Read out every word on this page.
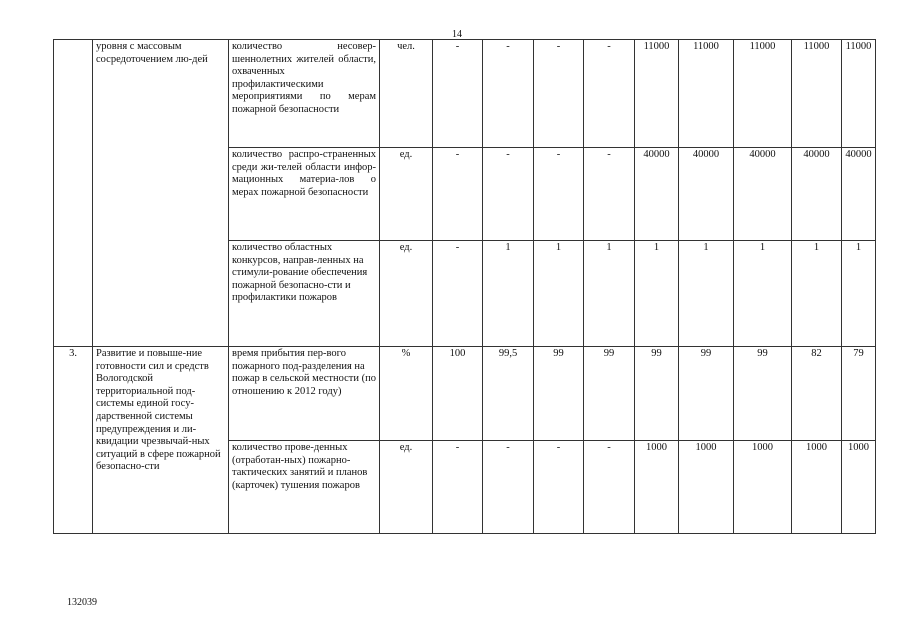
14
	уровня с массовым сосредоточением лю-дей	количество несовер-шеннолетних жителей области, охваченных профилактическими мероприятиями по мерам пожарной безопасности	чел.	-	-	-	-	11000	11000	11000	11000	11000
		количество распро-страненных среди жи-телей области инфор-мационных материа-лов о мерах пожарной безопасности	ед.	-	-	-	-	40000	40000	40000	40000	40000
		количество областных конкурсов, направ-ленных на стимули-рование обеспечения пожарной безопасно-сти и профилактики пожаров	ед.	-	1	1	1	1	1	1	1	1
3.	Развитие и повыше-ние готовности сил и средств Вологодской территориальной под-системы единой госу-дарственной системы предупреждения и ли-квидации чрезвычай-ных ситуаций в сфере пожарной безопасно-сти	время прибытия пер-вого пожарного под-разделения на пожар в сельской местности (по отношению к 2012 году)	%	100	99,5	99	99	99	99	99	82	79
		количество прове-денных (отработан-ных) пожарно-тактических занятий и планов (карточек) тушения пожаров	ед.	-	-	-	-	1000	1000	1000	1000	1000
132039
